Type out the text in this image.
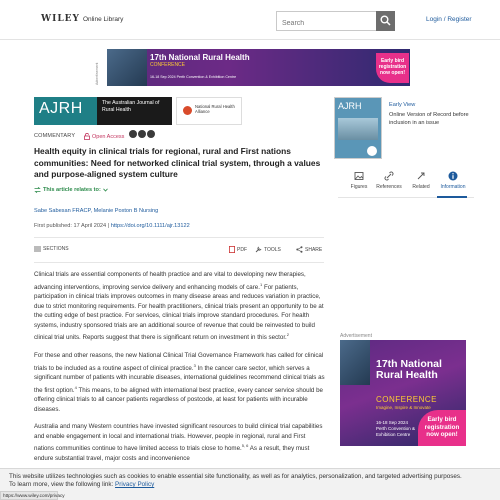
WILEY Online Library
Search	Login / Register
Advertisement
17th National Rural Health
CONFERENCE
16-18 Sep 2024 Perth Convention & Exhibition Centre
Early bird registration now open!
AJRH	The Australian Journal of Rural Health	National Rural Health Alliance
COMMENTARY	Open Access
Health equity in clinical trials for regional, rural and First nations communities: Need for networked clinical trial system, through a values and purpose-aligned system culture
This article relates to:
Sabe Sabesan FRACP, Melanie Poxton B Nursing
First published: 17 April 2024 | https://doi.org/10.1111/ajr.13122
SECTIONS	PDF	TOOLS	SHARE

Clinical trials are essential components of health practice and are vital to developing new therapies, advancing interventions, improving service delivery and enhancing models of care.$^1$ For patients, participation in clinical trials improves outcomes in many disease areas and reduces variation in practice, due to strict monitoring requirements. For health practitioners, clinical trials present an opportunity to be at the cutting edge of best practice. For services, clinical trials improve standard procedures. For health systems, industry sponsored trials are an additional source of revenue that could be reinvested to build clinical trial units. Reports suggest that there is significant return on investment in this sector.$^2$

For these and other reasons, the new National Clinical Trial Governance Framework has called for clinical trials to be included as a routine aspect of clinical practice.$^3$ In the cancer care sector, which serves a significant number of patients with incurable diseases, international guidelines recommend clinical trials as the first option.$^4$ This means, to be aligned with international best practice, every cancer service should be offering clinical trials to all cancer patients regardless of postcode, at least for patients with incurable diseases.

Australia and many Western countries have invested significant resources to build clinical trial capabilities and enable engagement in local and international trials. However, people in regional, rural and First nations communities continue to have limited access to trials close to home.$^{5, 6}$ As a result, they must endure substantial travel, major costs and inconvenience

AJRH	Early View
Online Version of Record before inclusion in an issue
Figures	References	Related	Information
Advertisement
17th National Rural Health
CONFERENCE
Imagine, Inspire & Innovate
16-18 Sep 2024 Perth Convention & Exhibition Centre
Early bird registration now open!
This website utilizes technologies such as cookies to enable essential site functionality, as well as for analytics, personalization, and targeted advertising purposes.
To learn more, view the following link: Privacy Policy
https://www.wiley.com/privacy
